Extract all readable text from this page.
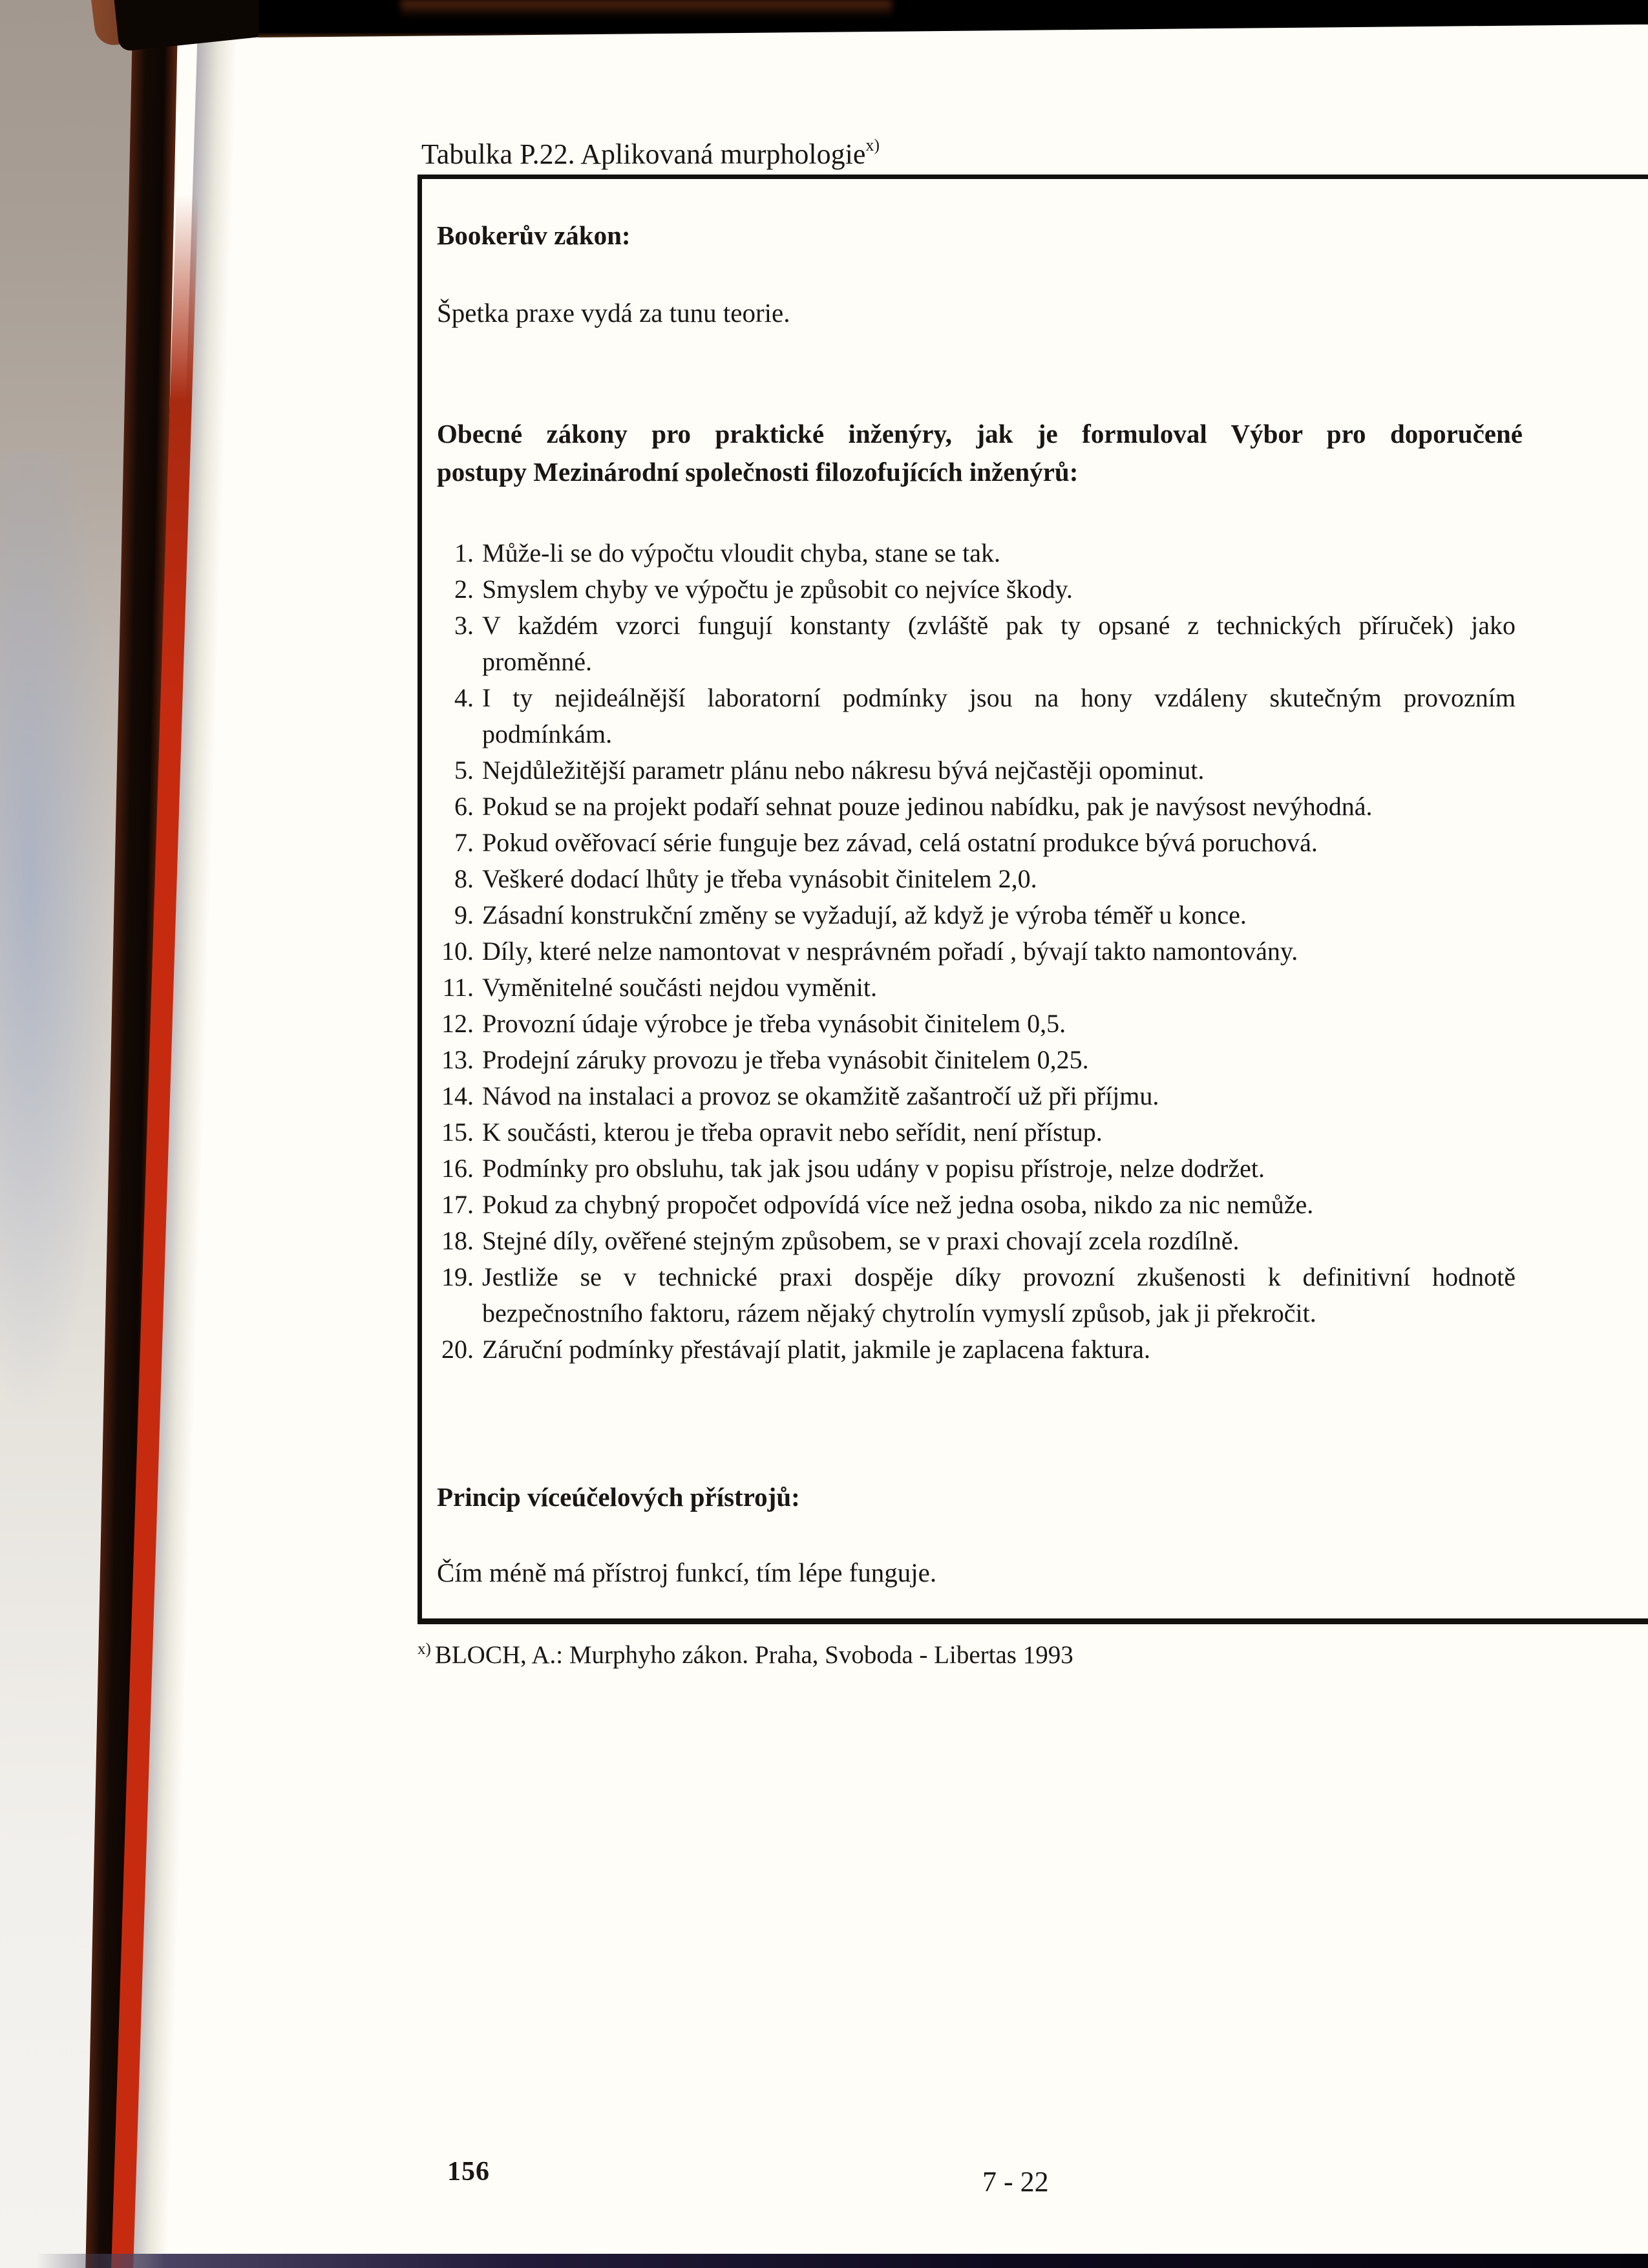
Tabulka P.22. Aplikovaná murphologie$^{x)}$
Bookerův zákon:
Špetka praxe vydá za tunu teorie.
Obecné zákony pro praktické inženýry, jak je formuloval Výbor pro doporučené
postupy Mezinárodní společnosti filozofujících inženýrů:
1. Může-li se do výpočtu vloudit chyba, stane se tak.
2. Smyslem chyby ve výpočtu je způsobit co nejvíce škody.
3. V každém vzorci fungují konstanty (zvláště pak ty opsané z technických příruček) jako
proměnné.
4. I ty nejideálnější laboratorní podmínky jsou na hony vzdáleny skutečným provozním
podmínkám.
5. Nejdůležitější parametr plánu nebo nákresu bývá nejčastěji opominut.
6. Pokud se na projekt podaří sehnat pouze jedinou nabídku, pak je navýsost nevýhodná.
7. Pokud ověřovací série funguje bez závad, celá ostatní produkce bývá poruchová.
8. Veškeré dodací lhůty je třeba vynásobit činitelem 2,0.
9. Zásadní konstrukční změny se vyžadují, až když je výroba téměř u konce.
10. Díly, které nelze namontovat v nesprávném pořadí , bývají takto namontovány.
11. Vyměnitelné součásti nejdou vyměnit.
12. Provozní údaje výrobce je třeba vynásobit činitelem 0,5.
13. Prodejní záruky provozu je třeba vynásobit činitelem 0,25.
14. Návod na instalaci a provoz se okamžitě zašantročí už při příjmu.
15. K součásti, kterou je třeba opravit nebo seřídit, není přístup.
16. Podmínky pro obsluhu, tak jak jsou udány v popisu přístroje, nelze dodržet.
17. Pokud za chybný propočet odpovídá více než jedna osoba, nikdo za nic nemůže.
18. Stejné díly, ověřené stejným způsobem, se v praxi chovají zcela rozdílně.
19. Jestliže se v technické praxi dospěje díky provozní zkušenosti k definitivní hodnotě
bezpečnostního faktoru, rázem nějaký chytrolín vymyslí způsob, jak ji překročit.
20. Záruční podmínky přestávají platit, jakmile je zaplacena faktura.
Princip víceúčelových přístrojů:
Čím méně má přístroj funkcí, tím lépe funguje.
$^{x)}$ BLOCH, A.: Murphyho zákon. Praha, Svoboda - Libertas 1993
156	7 - 22
